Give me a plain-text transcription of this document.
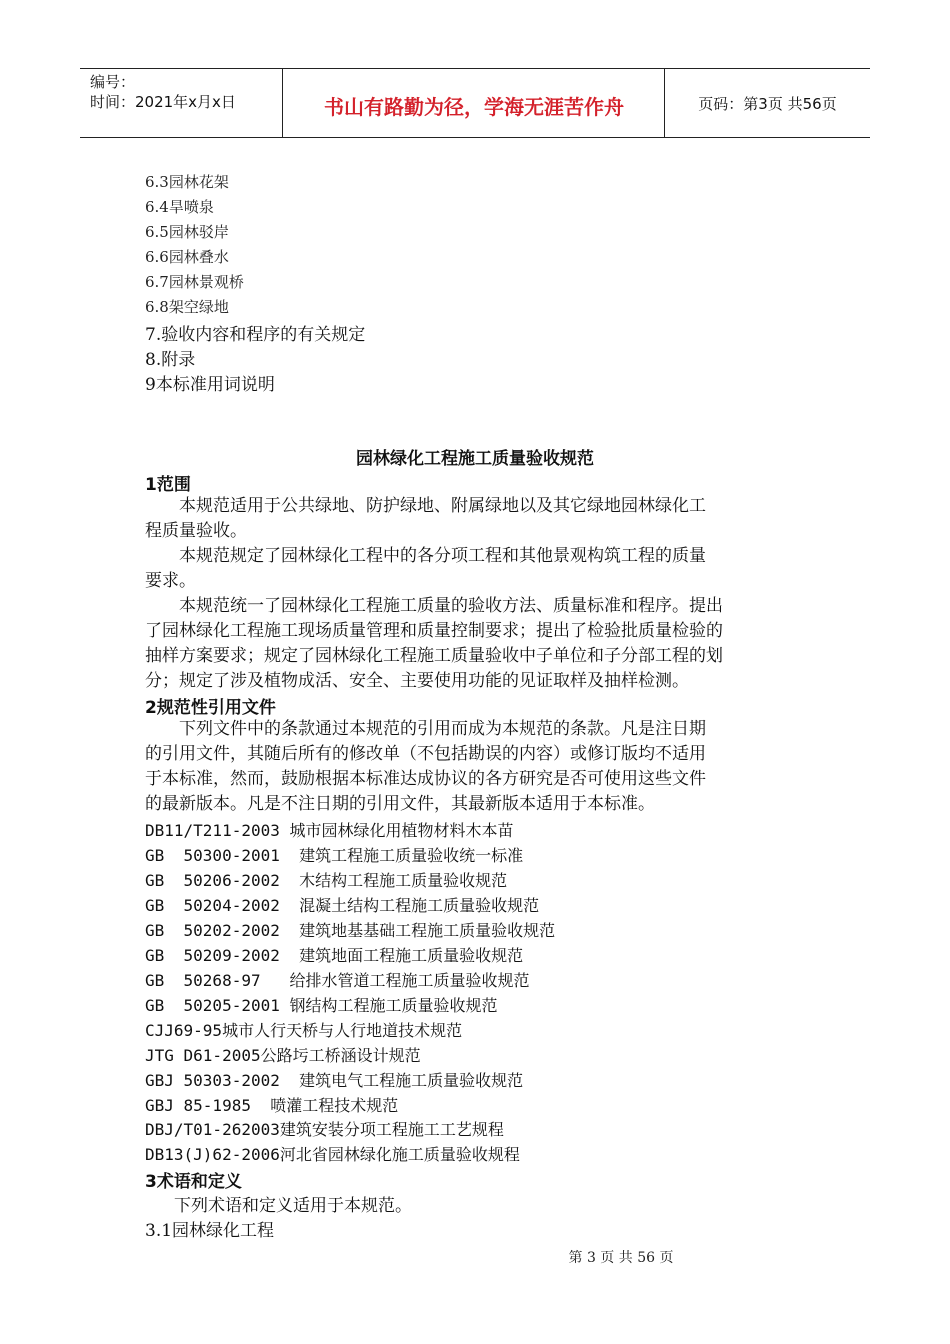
编号：
时间：2021年x月x日	书山有路勤为径，学海无涯苦作舟	页码：第3页 共56页
6.3园林花架
6.4旱喷泉
6.5园林驳岸
6.6园林叠水
6.7园林景观桥
6.8架空绿地
7.验收内容和程序的有关规定
8.附录
9本标准用词说明
园林绿化工程施工质量验收规范
1范围
本规范适用于公共绿地、防护绿地、附属绿地以及其它绿地园林绿化工
程质量验收。
本规范规定了园林绿化工程中的各分项工程和其他景观构筑工程的质量
要求。
本规范统一了园林绿化工程施工质量的验收方法、质量标准和程序。提出
了园林绿化工程施工现场质量管理和质量控制要求；提出了检验批质量检验的
抽样方案要求；规定了园林绿化工程施工质量验收中子单位和子分部工程的划
分；规定了涉及植物成活、安全、主要使用功能的见证取样及抽样检测。
2规范性引用文件
下列文件中的条款通过本规范的引用而成为本规范的条款。凡是注日期
的引用文件，其随后所有的修改单（不包括勘误的内容）或修订版均不适用
于本标准，然而，鼓励根据本标准达成协议的各方研究是否可使用这些文件
的最新版本。凡是不注日期的引用文件，其最新版本适用于本标准。
DB11/T211-2003 城市园林绿化用植物材料木本苗
GB  50300-2001  建筑工程施工质量验收统一标准
GB  50206-2002  木结构工程施工质量验收规范
GB  50204-2002  混凝土结构工程施工质量验收规范
GB  50202-2002  建筑地基基础工程施工质量验收规范
GB  50209-2002  建筑地面工程施工质量验收规范
GB  50268-97   给排水管道工程施工质量验收规范
GB  50205-2001 钢结构工程施工质量验收规范
CJJ69-95城市人行天桥与人行地道技术规范
JTG D61-2005公路圬工桥涵设计规范
GBJ 50303-2002  建筑电气工程施工质量验收规范
GBJ 85-1985  喷灌工程技术规范
DBJ/T01-262003建筑安装分项工程施工工艺规程
DB13(J)62-2006河北省园林绿化施工质量验收规程
3术语和定义
下列术语和定义适用于本规范。
3.1园林绿化工程
第 3 页 共 56 页
